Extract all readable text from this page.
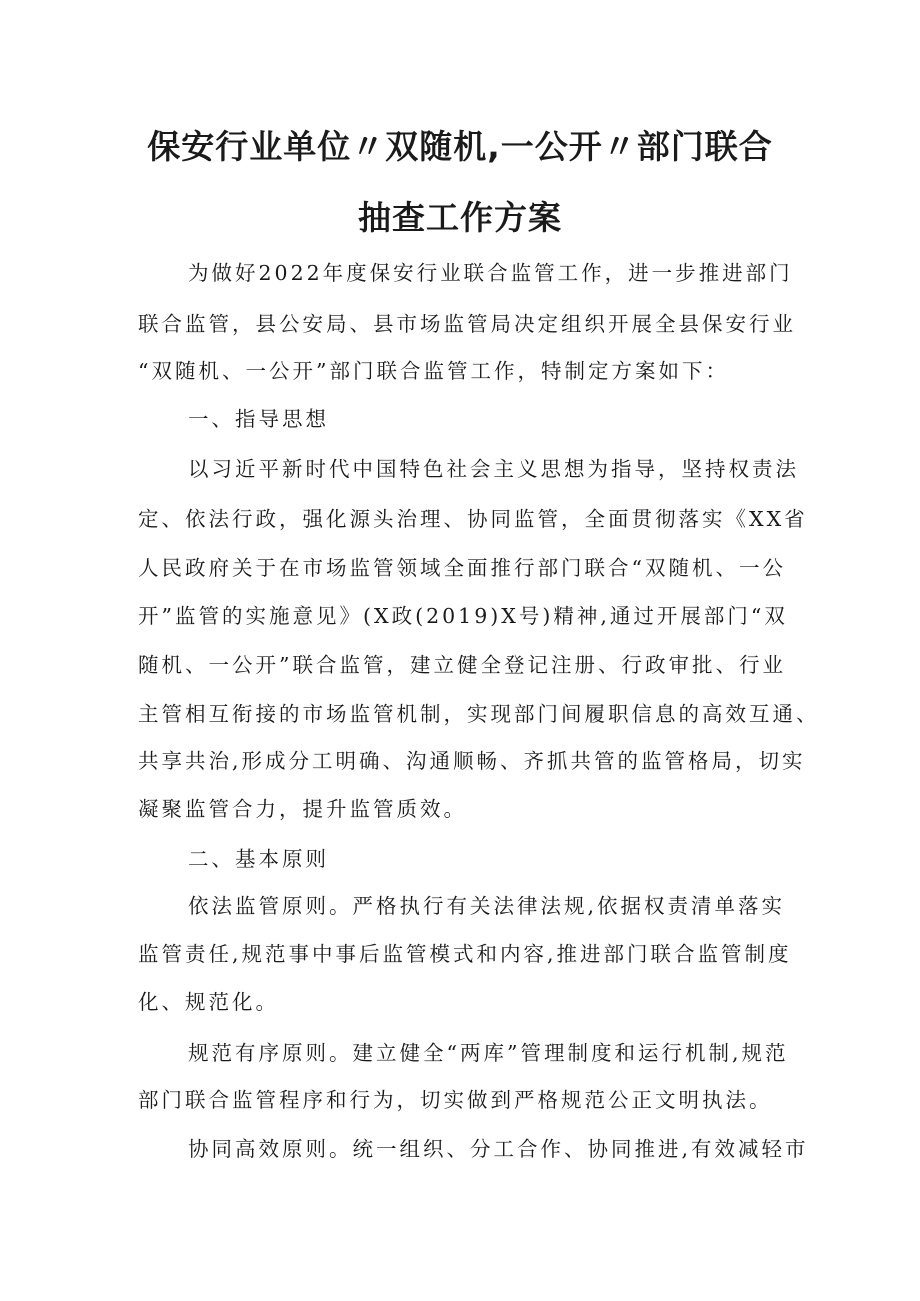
保安行业单位〃双随机,一公开〃部门联合
抽查工作方案
为做好2022年度保安行业联合监管工作，进一步推进部门
联合监管，县公安局、县市场监管局决定组织开展全县保安行业
“双随机、一公开”部门联合监管工作，特制定方案如下：
一、指导思想
以习近平新时代中国特色社会主义思想为指导，坚持权责法
定、依法行政，强化源头治理、协同监管，全面贯彻落实《XX省
人民政府关于在市场监管领域全面推行部门联合“双随机、一公
开”监管的实施意见》(X政(2019)X号)精神,通过开展部门“双
随机、一公开”联合监管，建立健全登记注册、行政审批、行业
主管相互衔接的市场监管机制，实现部门间履职信息的高效互通、
共享共治,形成分工明确、沟通顺畅、齐抓共管的监管格局，切实
凝聚监管合力，提升监管质效。
二、基本原则
依法监管原则。严格执行有关法律法规,依据权责清单落实
监管责任,规范事中事后监管模式和内容,推进部门联合监管制度
化、规范化。
规范有序原则。建立健全“两库”管理制度和运行机制,规范
部门联合监管程序和行为，切实做到严格规范公正文明执法。
协同高效原则。统一组织、分工合作、协同推进,有效减轻市
